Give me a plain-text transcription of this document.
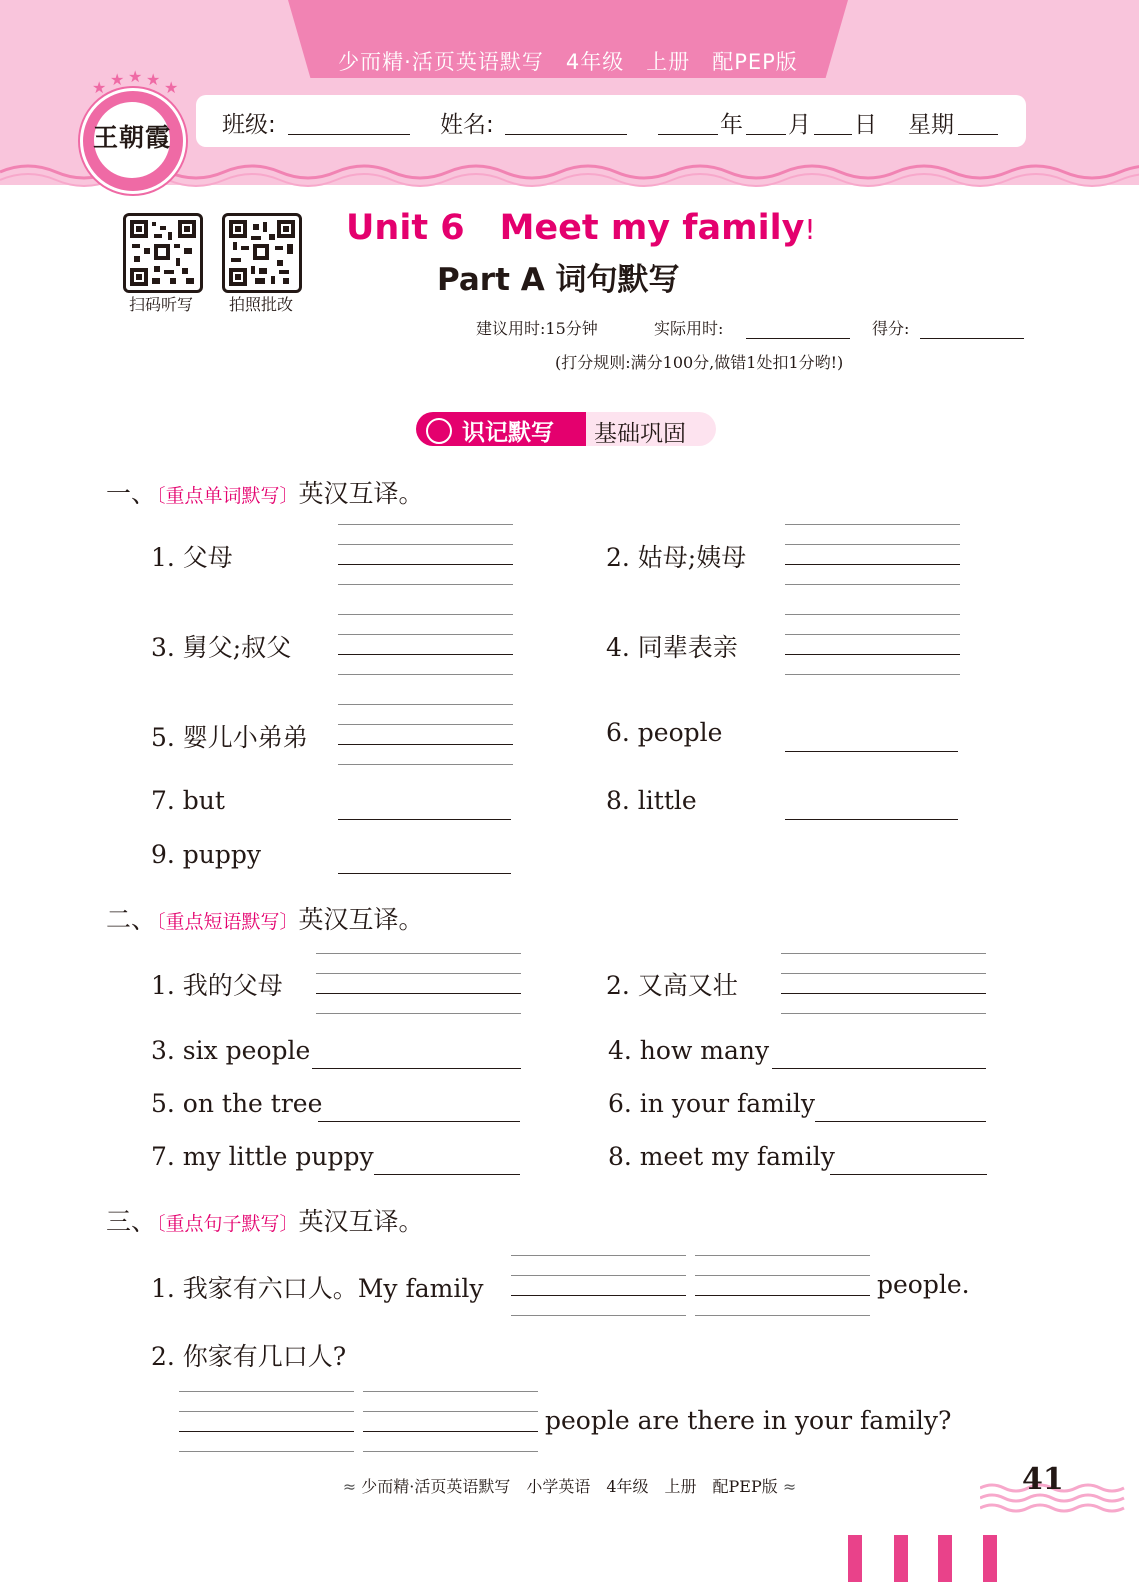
少而精·活页英语默写　4年级　上册　配PEP版
班级:	姓名:	年 月 日 星期
★ ★ ★ ★ ★
王朝霞
扫码听写	拍照批改
Unit 6　Meet my family!
Part A 词句默写
建议用时:15分钟	实际用时:	得分:
(打分规则:满分100分,做错1处扣1分哟!)
识记默写 基础巩固
一、〔重点单词默写〕英汉互译。
1. 父母	2. 姑母;姨母
3. 舅父;叔父	4. 同辈表亲
5. 婴儿小弟弟	6. people
7. but	8. little
9. puppy
二、〔重点短语默写〕英汉互译。
1. 我的父母	2. 又高又壮
3. six people	4. how many
5. on the tree	6. in your family
7. my little puppy	8. meet my family
三、〔重点句子默写〕英汉互译。
1. 我家有六口人。My family	people.
2. 你家有几口人?
people are there in your family?
≈ 少而精·活页英语默写　小学英语　4年级　上册　配PEP版 ≈	41
